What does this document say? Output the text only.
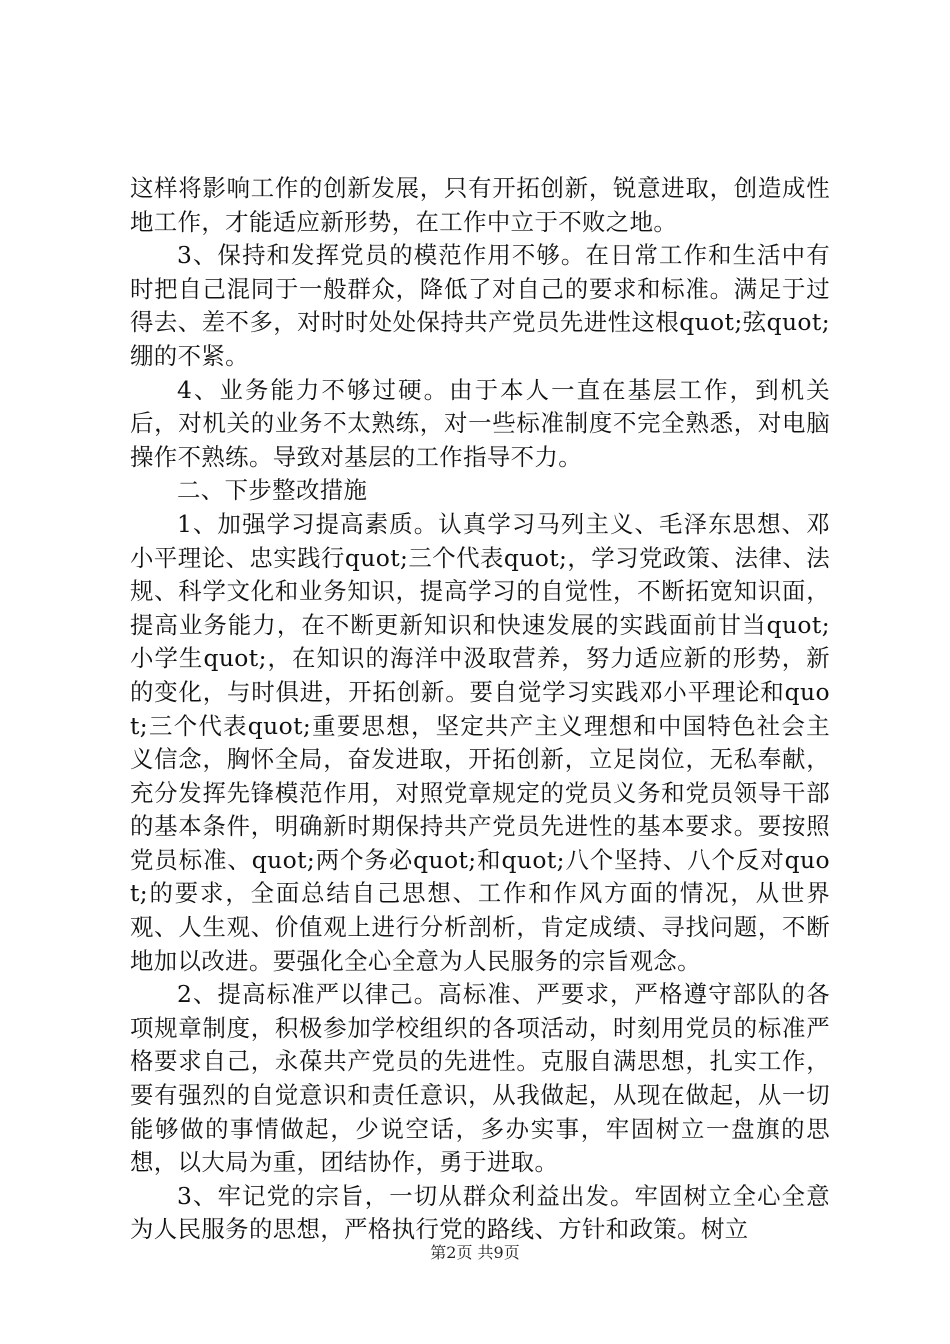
这样将影响工作的创新发展，只有开拓创新，锐意进取，创造成性地工作，才能适应新形势，在工作中立于不败之地。

3、保持和发挥党员的模范作用不够。在日常工作和生活中有时把自己混同于一般群众，降低了对自己的要求和标准。满足于过得去、差不多，对时时处处保持共产党员先进性这根quot;弦quot;绷的不紧。

4、业务能力不够过硬。由于本人一直在基层工作，到机关后，对机关的业务不太熟练，对一些标准制度不完全熟悉，对电脑操作不熟练。导致对基层的工作指导不力。

二、下步整改措施

1、加强学习提高素质。认真学习马列主义、毛泽东思想、邓小平理论、忠实践行quot;三个代表quot;，学习党政策、法律、法规、科学文化和业务知识，提高学习的自觉性，不断拓宽知识面，提高业务能力，在不断更新知识和快速发展的实践面前甘当quot;小学生quot;，在知识的海洋中汲取营养，努力适应新的形势，新的变化，与时俱进，开拓创新。要自觉学习实践邓小平理论和quot;三个代表quot;重要思想，坚定共产主义理想和中国特色社会主义信念，胸怀全局，奋发进取，开拓创新，立足岗位，无私奉献，充分发挥先锋模范作用，对照党章规定的党员义务和党员领导干部的基本条件，明确新时期保持共产党员先进性的基本要求。要按照党员标准、quot;两个务必quot;和quot;八个坚持、八个反对quot;的要求，全面总结自己思想、工作和作风方面的情况，从世界观、人生观、价值观上进行分析剖析，肯定成绩、寻找问题，不断地加以改进。要强化全心全意为人民服务的宗旨观念。

2、提高标准严以律己。高标准、严要求，严格遵守部队的各项规章制度，积极参加学校组织的各项活动，时刻用党员的标准严格要求自己，永葆共产党员的先进性。克服自满思想，扎实工作，要有强烈的自觉意识和责任意识，从我做起，从现在做起，从一切能够做的事情做起，少说空话，多办实事，牢固树立一盘旗的思想，以大局为重，团结协作，勇于进取。

3、牢记党的宗旨，一切从群众利益出发。牢固树立全心全意为人民服务的思想，严格执行党的路线、方针和政策。树立

第2页 共9页
